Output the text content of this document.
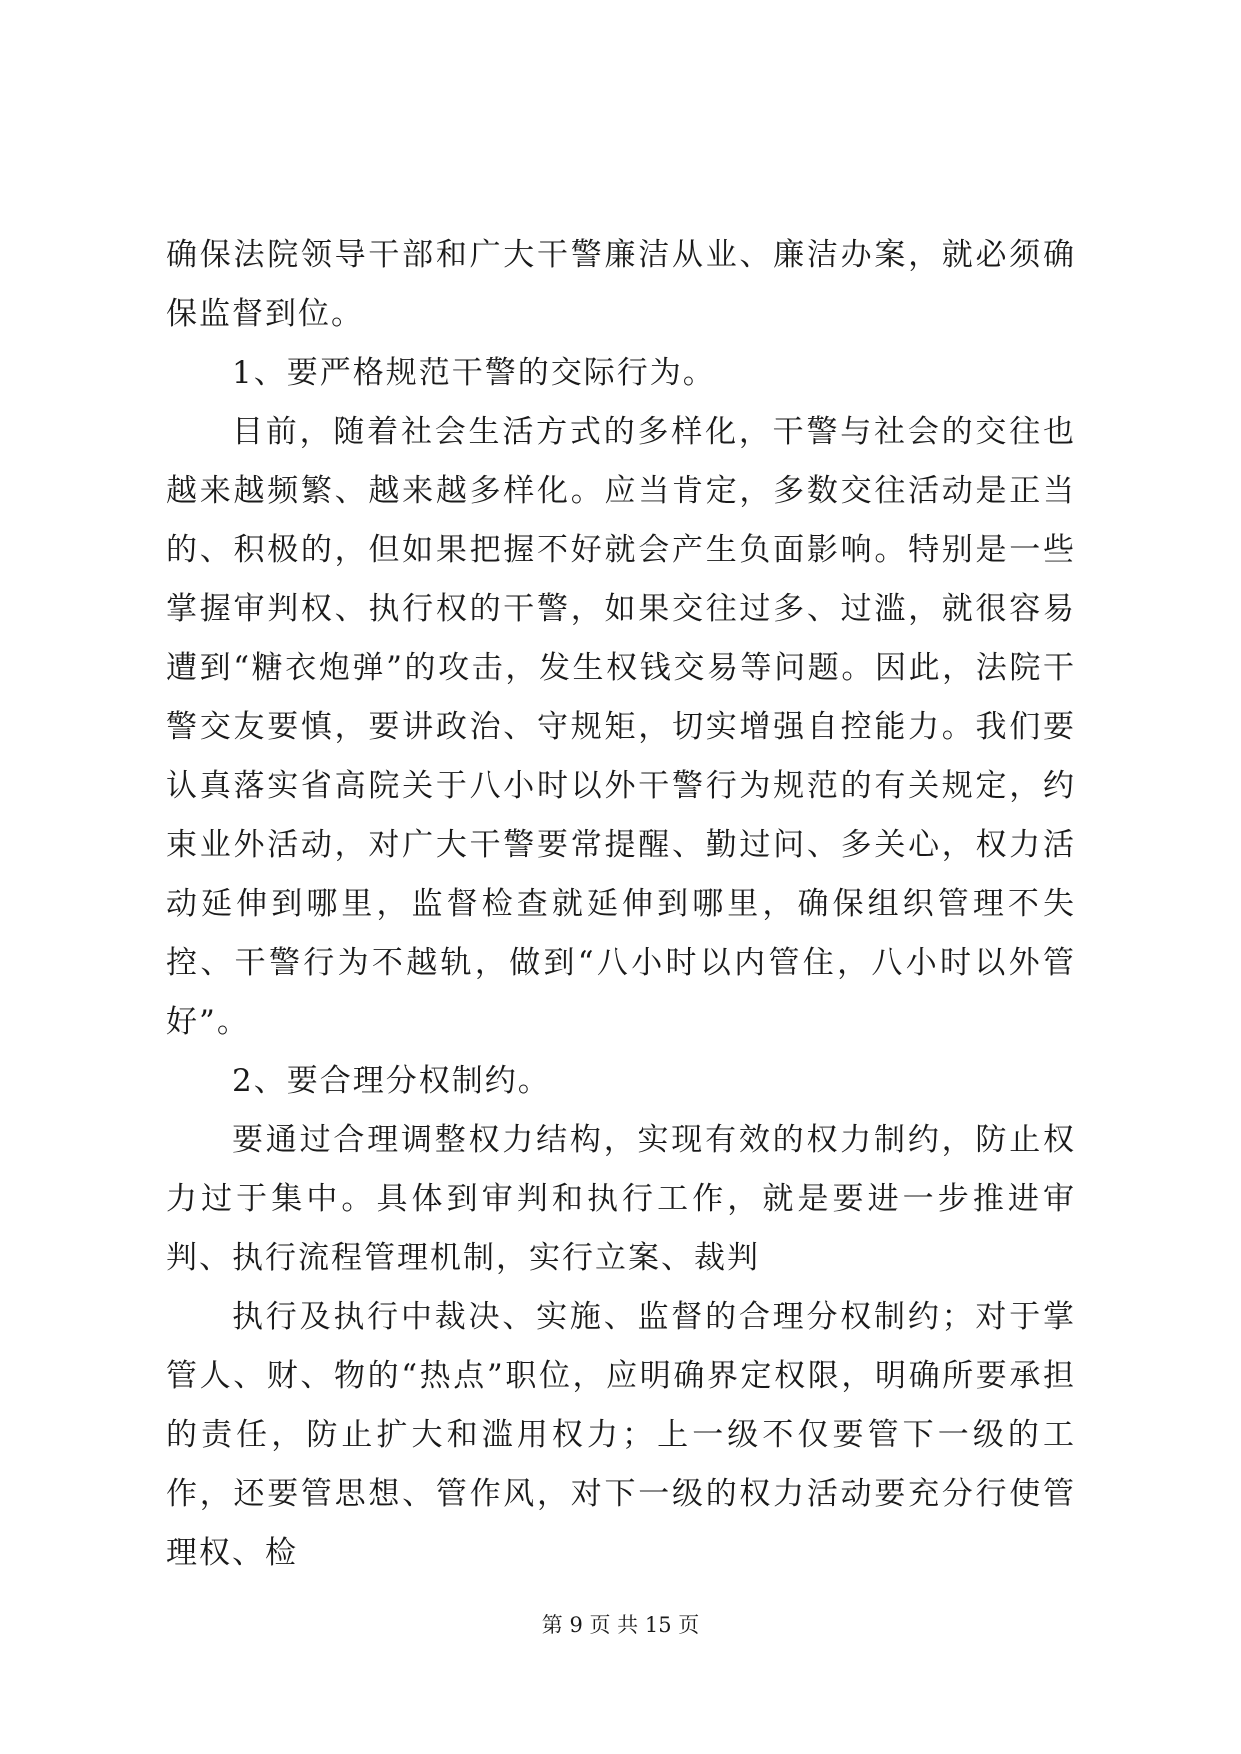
确保法院领导干部和广大干警廉洁从业、廉洁办案，就必须确保监督到位。

1、要严格规范干警的交际行为。

目前，随着社会生活方式的多样化，干警与社会的交往也越来越频繁、越来越多样化。应当肯定，多数交往活动是正当的、积极的，但如果把握不好就会产生负面影响。特别是一些掌握审判权、执行权的干警，如果交往过多、过滥，就很容易遭到“糖衣炮弹”的攻击，发生权钱交易等问题。因此，法院干警交友要慎，要讲政治、守规矩，切实增强自控能力。我们要认真落实省高院关于八小时以外干警行为规范的有关规定，约束业外活动，对广大干警要常提醒、勤过问、多关心，权力活动延伸到哪里，监督检查就延伸到哪里，确保组织管理不失控、干警行为不越轨，做到“八小时以内管住，八小时以外管好”。

2、要合理分权制约。

要通过合理调整权力结构，实现有效的权力制约，防止权力过于集中。具体到审判和执行工作，就是要进一步推进审判、执行流程管理机制，实行立案、裁判

执行及执行中裁决、实施、监督的合理分权制约；对于掌管人、财、物的“热点”职位，应明确界定权限，明确所要承担的责任，防止扩大和滥用权力；上一级不仅要管下一级的工作，还要管思想、管作风，对下一级的权力活动要充分行使管理权、检

第 9 页 共 15 页
